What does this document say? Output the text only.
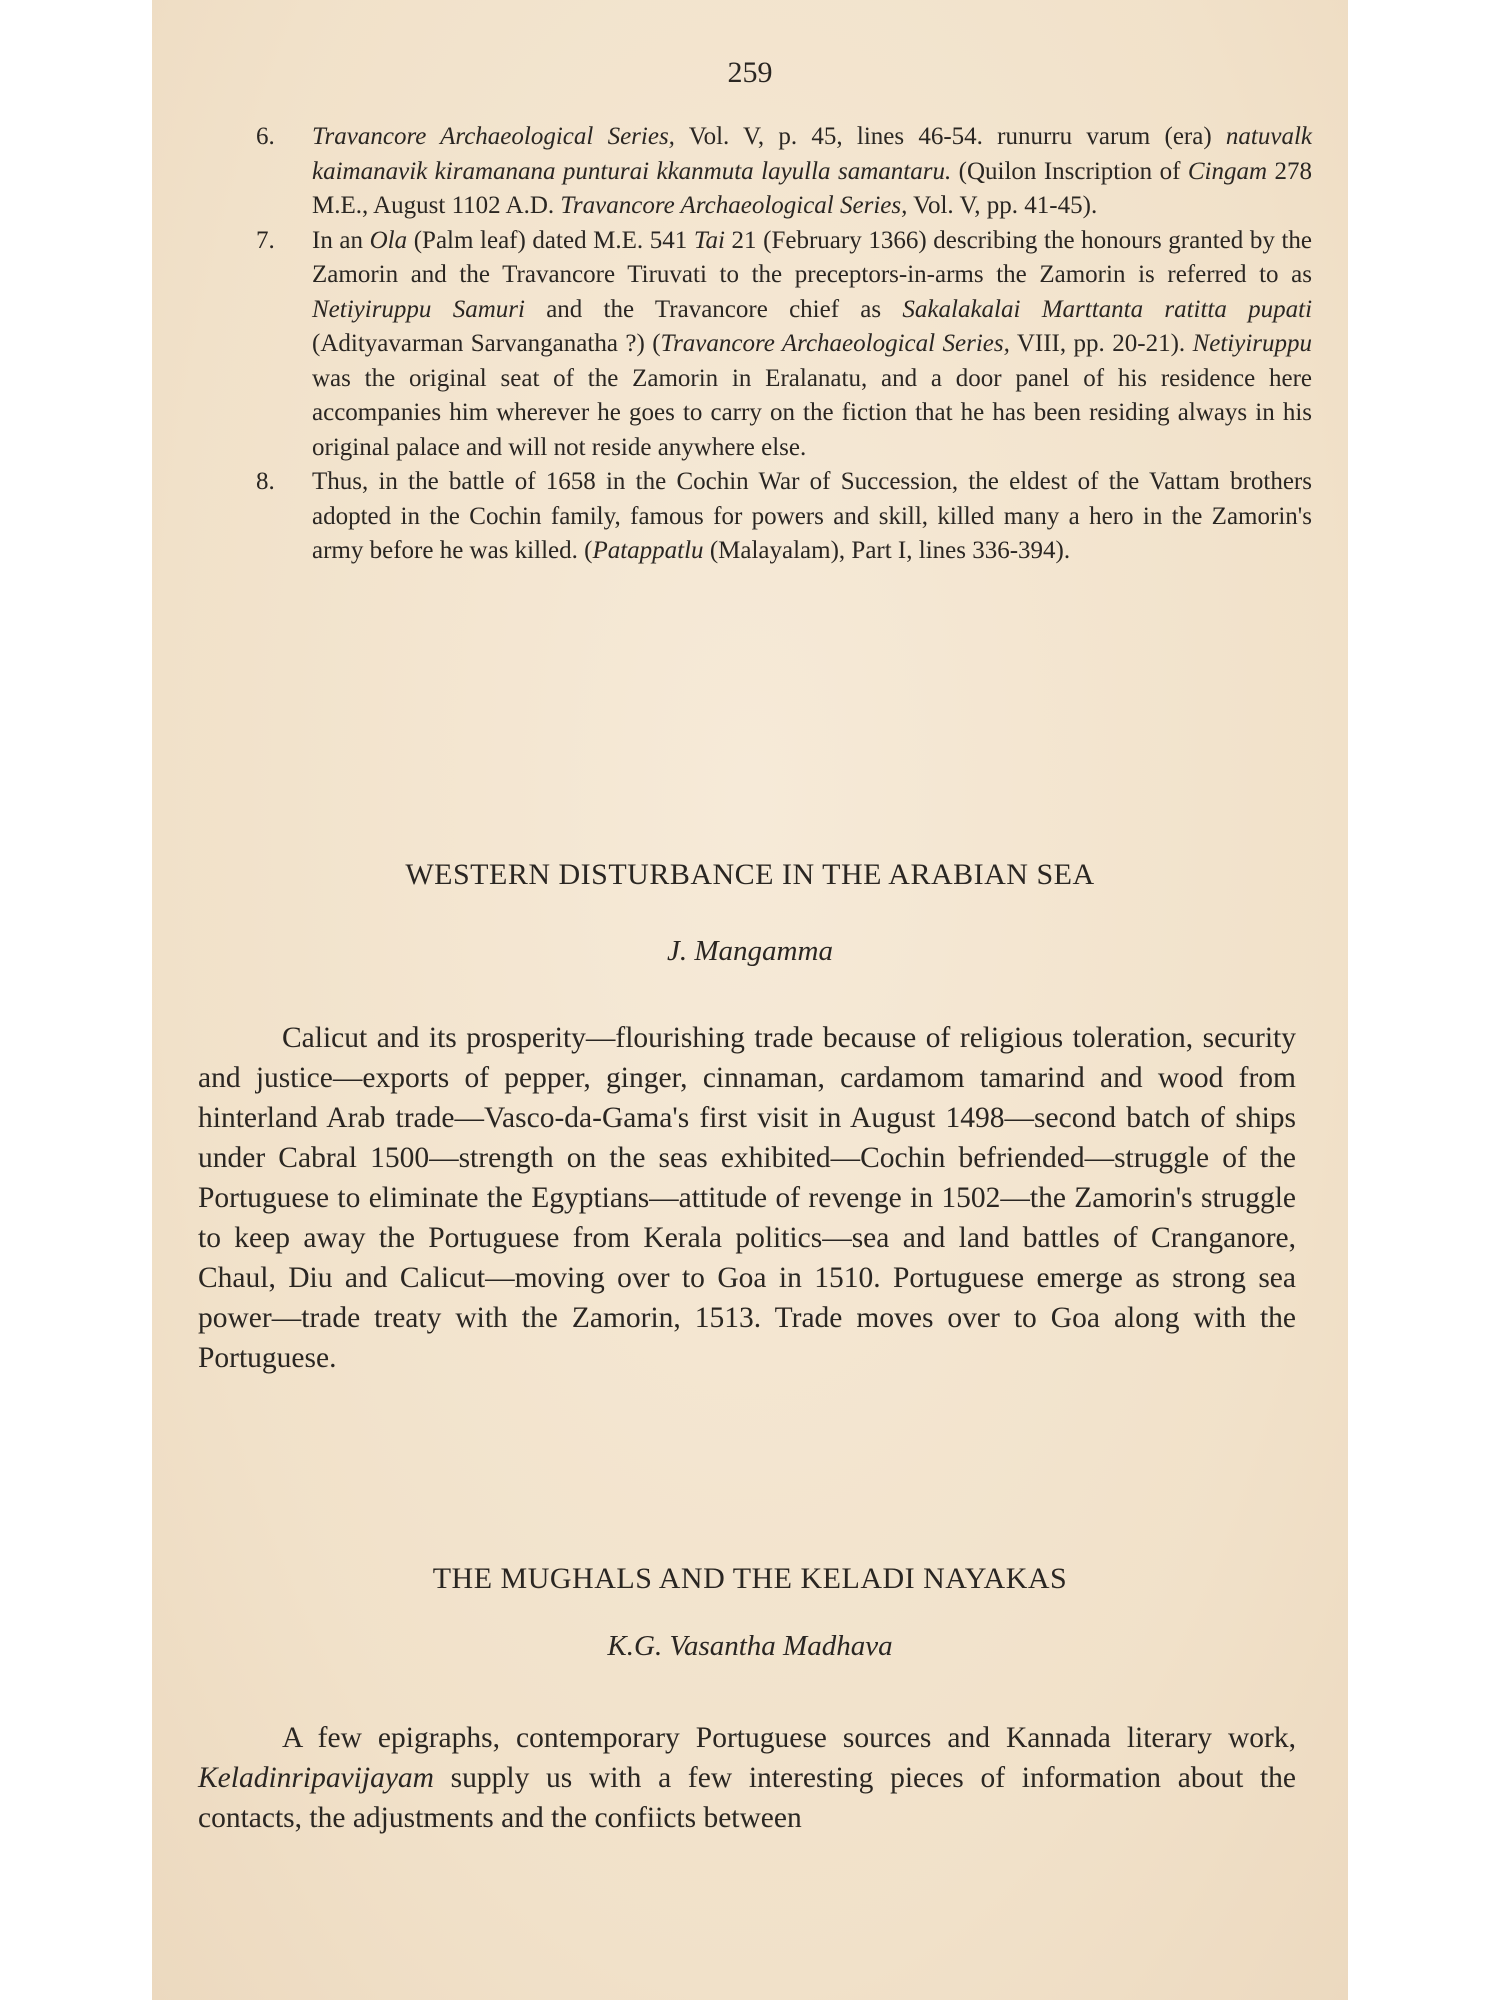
259

6.	Travancore Archaeological Series, Vol. V, p. 45, lines 46-54. runurru varum (era) natuvalk kaimanavik kiramanana punturai kkanmuta layulla samantaru. (Quilon Inscription of Cingam 278 M.E., August 1102 A.D. Travancore Archaeological Series, Vol. V, pp. 41-45).

7.	In an Ola (Palm leaf) dated M.E. 541 Tai 21 (February 1366) describing the honours granted by the Zamorin and the Travancore Tiruvati to the preceptors-in-arms the Zamorin is referred to as Netiyiruppu Samuri and the Travancore chief as Sakalakalai Marttanta ratitta pupati (Adityavarman Sarvanganatha ?) (Travancore Archaeological Series, VIII, pp. 20-21). Netiyiruppu was the original seat of the Zamorin in Eralanatu, and a door panel of his residence here accompanies him wherever he goes to carry on the fiction that he has been residing always in his original palace and will not reside anywhere else.

8.	Thus, in the battle of 1658 in the Cochin War of Succession, the eldest of the Vattam brothers adopted in the Cochin family, famous for powers and skill, killed many a hero in the Zamorin's army before he was killed. (Patappatlu (Malayalam), Part I, lines 336-394).

WESTERN DISTURBANCE IN THE ARABIAN SEA
J. Mangamma

Calicut and its prosperity—flourishing trade because of religious toleration, security and justice—exports of pepper, ginger, cinnaman, cardamom tamarind and wood from hinterland Arab trade—Vasco-da-Gama's first visit in August 1498—second batch of ships under Cabral 1500—strength on the seas exhibited—Cochin befriended—struggle of the Portuguese to eliminate the Egyptians—attitude of revenge in 1502—the Zamorin's struggle to keep away the Portuguese from Kerala politics—sea and land battles of Cranganore, Chaul, Diu and Calicut—moving over to Goa in 1510. Portuguese emerge as strong sea power—trade treaty with the Zamorin, 1513. Trade moves over to Goa along with the Portuguese.

THE MUGHALS AND THE KELADI NAYAKAS
K.G. Vasantha Madhava

A few epigraphs, contemporary Portuguese sources and Kannada literary work, Keladinripavijayam supply us with a few interesting pieces of information about the contacts, the adjustments and the confiicts between
